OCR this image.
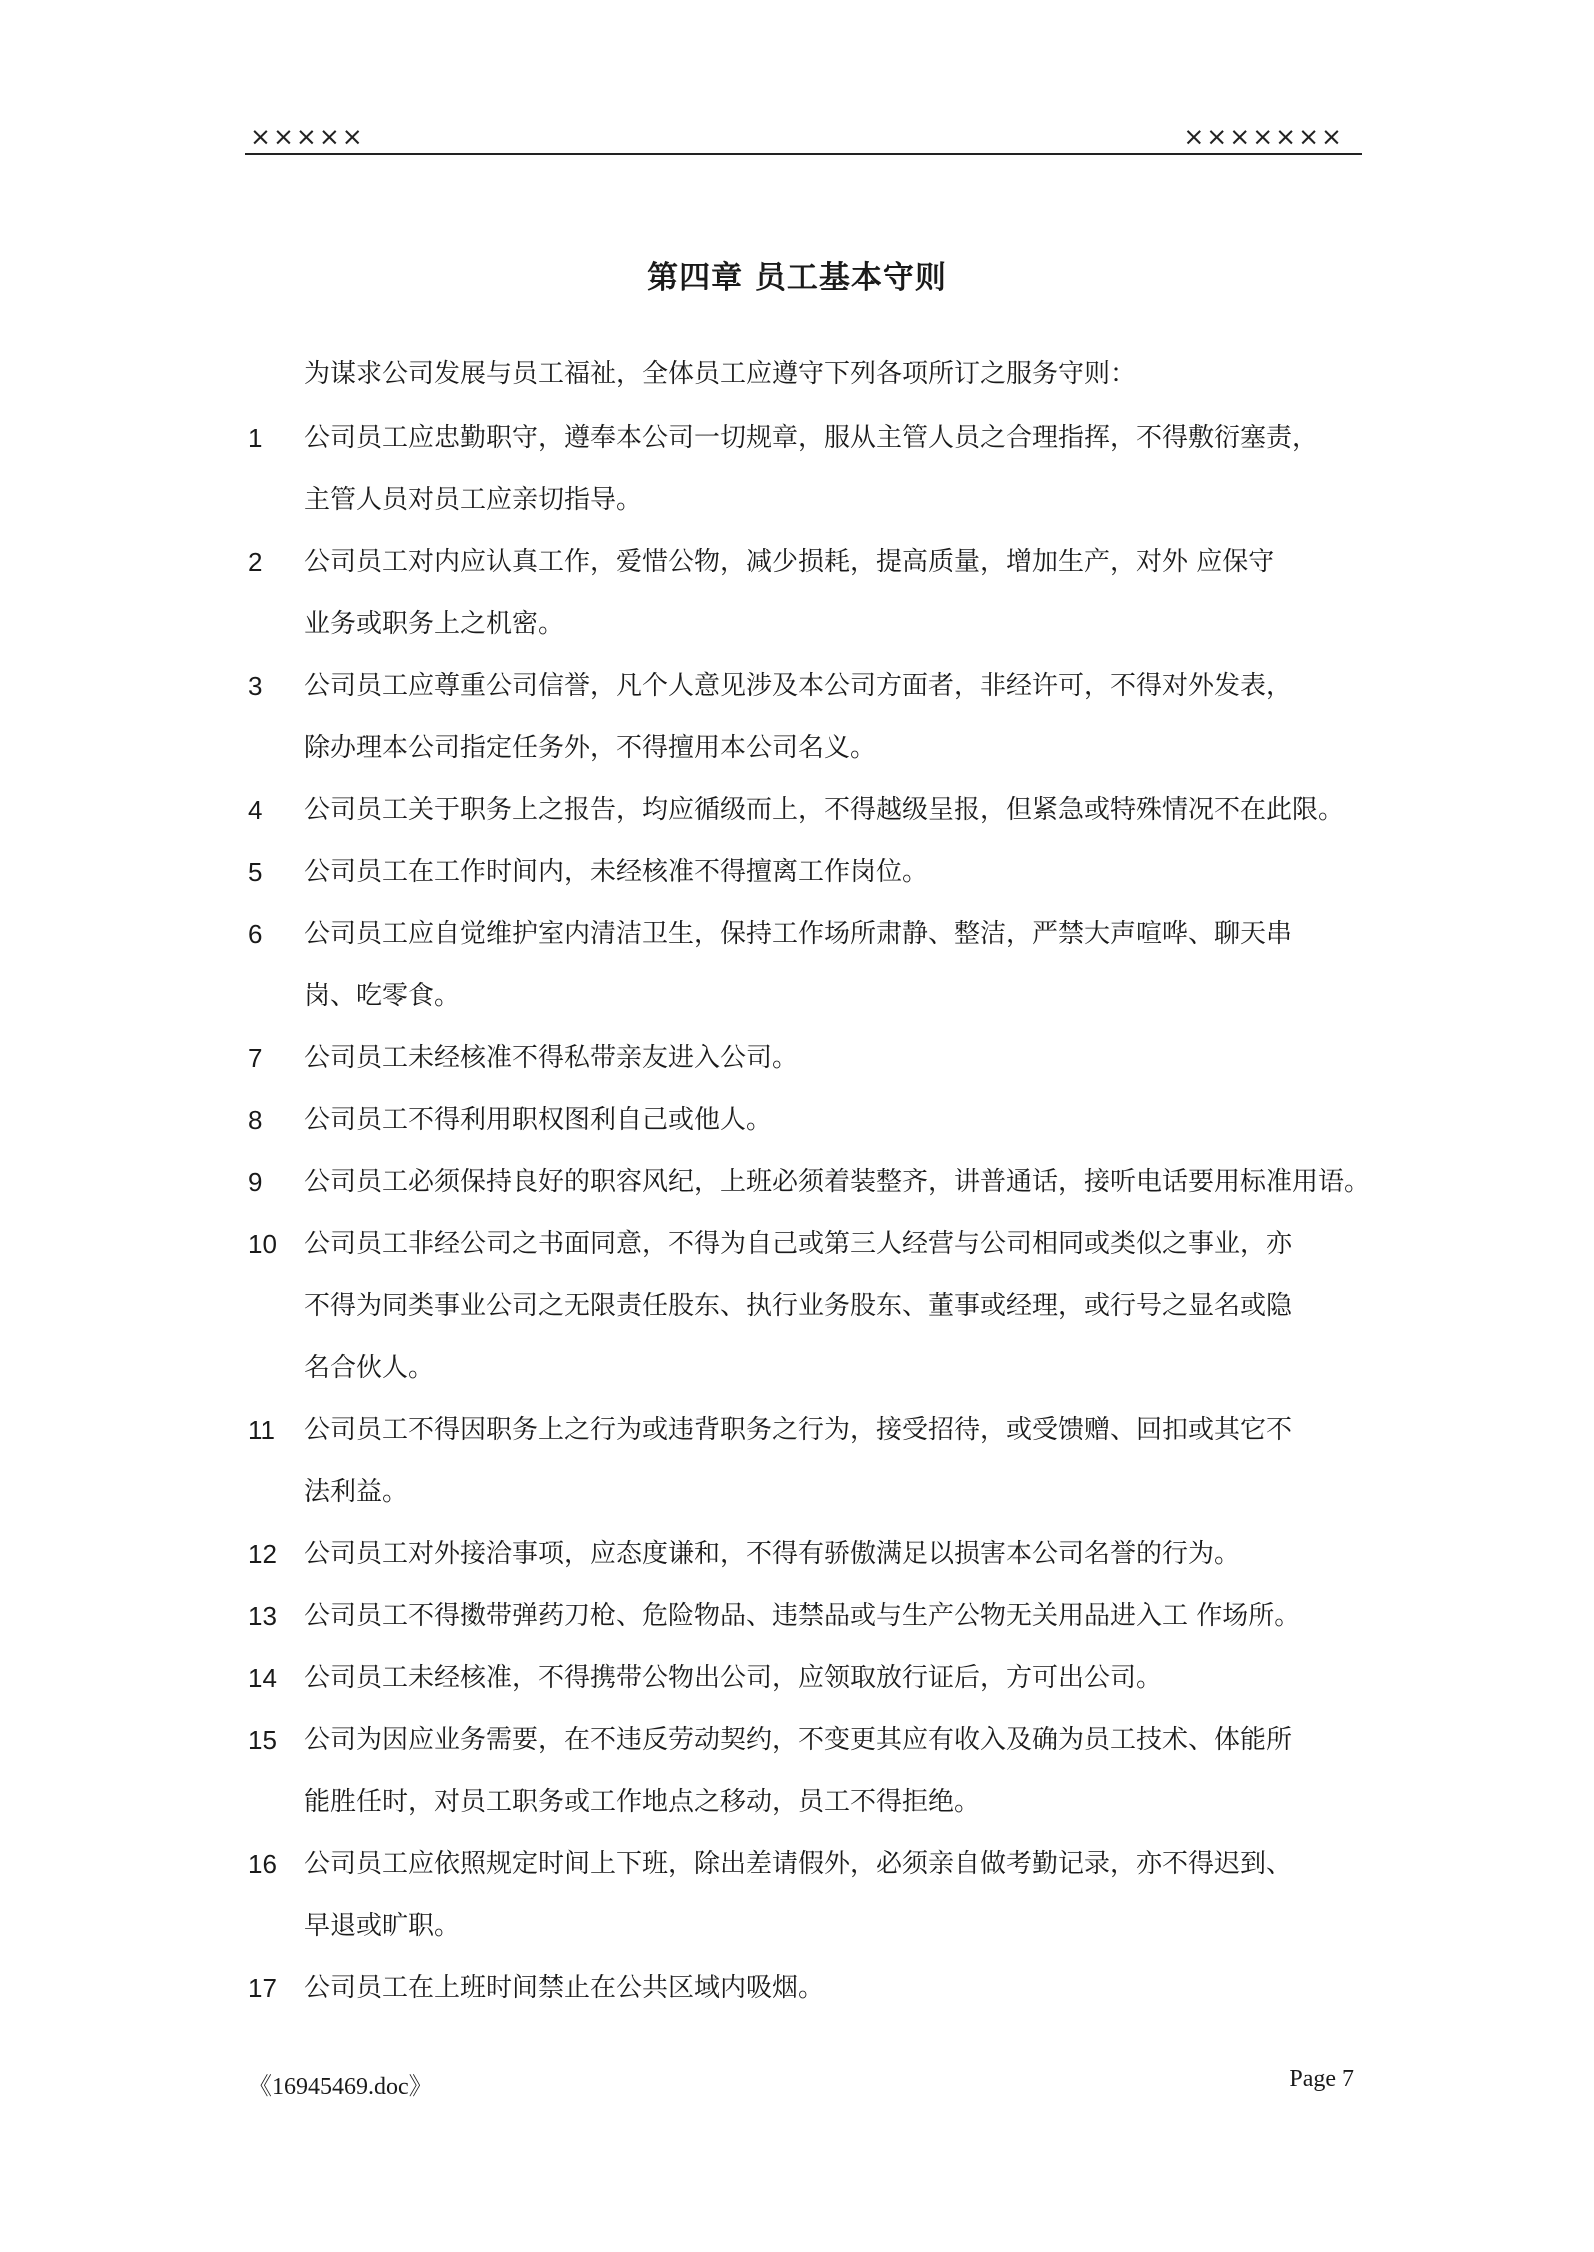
×××××	×××××××
第四章 员工基本守则
为谋求公司发展与员工福祉，全体员工应遵守下列各项所订之服务守则：
1 公司员工应忠勤职守，遵奉本公司一切规章，服从主管人员之合理指挥，不得敷衍塞责，
主管人员对员工应亲切指导。
2 公司员工对内应认真工作，爱惜公物，减少损耗，提高质量，增加生产，对外 应保守
业务或职务上之机密。
3 公司员工应尊重公司信誉，凡个人意见涉及本公司方面者，非经许可，不得对外发表，
除办理本公司指定任务外，不得擅用本公司名义。
4 公司员工关于职务上之报告，均应循级而上，不得越级呈报，但紧急或特殊情况不在此限。
5 公司员工在工作时间内，未经核准不得擅离工作岗位。
6 公司员工应自觉维护室内清洁卫生，保持工作场所肃静、整洁，严禁大声喧哗、聊天串
岗、吃零食。
7 公司员工未经核准不得私带亲友进入公司。
8 公司员工不得利用职权图利自己或他人。
9 公司员工必须保持良好的职容风纪，上班必须着装整齐，讲普通话，接听电话要用标准用语。
10 公司员工非经公司之书面同意，不得为自己或第三人经营与公司相同或类似之事业，亦
不得为同类事业公司之无限责任股东、执行业务股东、董事或经理，或行号之显名或隐
名合伙人。
11 公司员工不得因职务上之行为或违背职务之行为，接受招待，或受馈赠、回扣或其它不
法利益。
12 公司员工对外接洽事项，应态度谦和，不得有骄傲满足以损害本公司名誉的行为。
13 公司员工不得擞带弹药刀枪、危险物品、违禁品或与生产公物无关用品进入工 作场所。
14 公司员工未经核准，不得携带公物出公司，应领取放行证后，方可出公司。
15 公司为因应业务需要，在不违反劳动契约，不变更其应有收入及确为员工技术、体能所
能胜任时，对员工职务或工作地点之移动，员工不得拒绝。
16 公司员工应依照规定时间上下班，除出差请假外，必须亲自做考勤记录，亦不得迟到、
早退或旷职。
17 公司员工在上班时间禁止在公共区域内吸烟。
《16945469.doc》	Page 7
